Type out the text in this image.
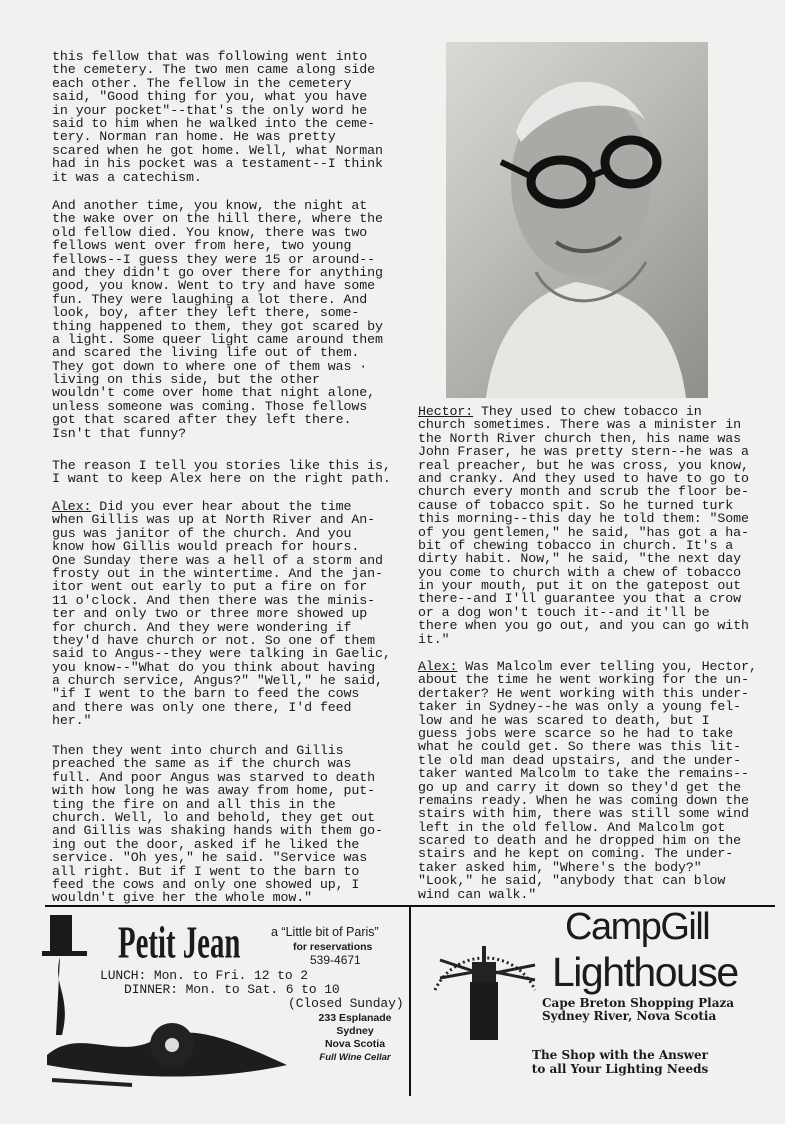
this fellow that was following went into
the cemetery. The two men came along side
each other. The fellow in the cemetery
said, "Good thing for you, what you have
in your pocket"--that's the only word he
said to him when he walked into the ceme-
tery. Norman ran home. He was pretty
scared when he got home. Well, what Norman
had in his pocket was a testament--I think
it was a catechism.
And another time, you know, the night at
the wake over on the hill there, where the
old fellow died. You know, there was two
fellows went over from here, two young
fellows--I guess they were 15 or around--
and they didn't go over there for anything
good, you know. Went to try and have some
fun. They were laughing a lot there. And
look, boy, after they left there, some-
thing happened to them, they got scared by
a light. Some queer light came around them
and scared the living life out of them.
They got down to where one of them was ·
living on this side, but the other
wouldn't come over home that night alone,
unless someone was coming. Those fellows
got that scared after they left there.
Isn't that funny?
The reason I tell you stories like this is,
I want to keep Alex here on the right path.
Alex: Did you ever hear about the time
when Gillis was up at North River and An-
gus was janitor of the church. And you
know how Gillis would preach for hours.
One Sunday there was a hell of a storm and
frosty out in the wintertime. And the jan-
itor went out early to put a fire on for
11 o'clock. And then there was the minis-
ter and only two or three more showed up
for church. And they were wondering if
they'd have church or not. So one of them
said to Angus--they were talking in Gaelic,
you know--"What do you think about having
a church service, Angus?" "Well," he said,
"if I went to the barn to feed the cows
and there was only one there, I'd feed
her."
Then they went into church and Gillis
preached the same as if the church was
full. And poor Angus was starved to death
with how long he was away from home, put-
ting the fire on and all this in the
church. Well, lo and behold, they get out
and Gillis was shaking hands with them go-
ing out the door, asked if he liked the
service. "Oh yes," he said. "Service was
all right. But if I went to the barn to
feed the cows and only one showed up, I
wouldn't give her the whole mow."
Hector: They used to chew tobacco in
church sometimes. There was a minister in
the North River church then, his name was
John Fraser, he was pretty stern--he was a
real preacher, but he was cross, you know,
and cranky. And they used to have to go to
church every month and scrub the floor be-
cause of tobacco spit. So he turned turk
this morning--this day he told them: "Some
of you gentlemen," he said, "has got a ha-
bit of chewing tobacco in church. It's a
dirty habit. Now," he said, "the next day
you come to church with a chew of tobacco
in your mouth, put it on the gatepost out
there--and I'll guarantee you that a crow
or a dog won't touch it--and it'll be
there when you go out, and you can go with
it."
Alex: Was Malcolm ever telling you, Hector,
about the time he went working for the un-
dertaker? He went working with this under-
taker in Sydney--he was only a young fel-
low and he was scared to death, but I
guess jobs were scarce so he had to take
what he could get. So there was this lit-
tle old man dead upstairs, and the under-
taker wanted Malcolm to take the remains--
go up and carry it down so they'd get the
remains ready. When he was coming down the
stairs with him, there was still some wind
left in the old fellow. And Malcolm got
scared to death and he dropped him on the
stairs and he kept on coming. The under-
taker asked him, "Where's the body?"
"Look," he said, "anybody that can blow
wind can walk."
Petit Jean a “Little bit of Paris”
for reservations
539-4671
LUNCH: Mon. to Fri. 12 to 2
DINNER: Mon. to Sat. 6 to 10
(Closed Sunday)
233 Esplanade
Sydney
Nova Scotia
Full Wine Cellar
CampGill
Lighthouse
Cape Breton Shopping Plaza
Sydney River, Nova Scotia
The Shop with the Answer
to all Your Lighting Needs
